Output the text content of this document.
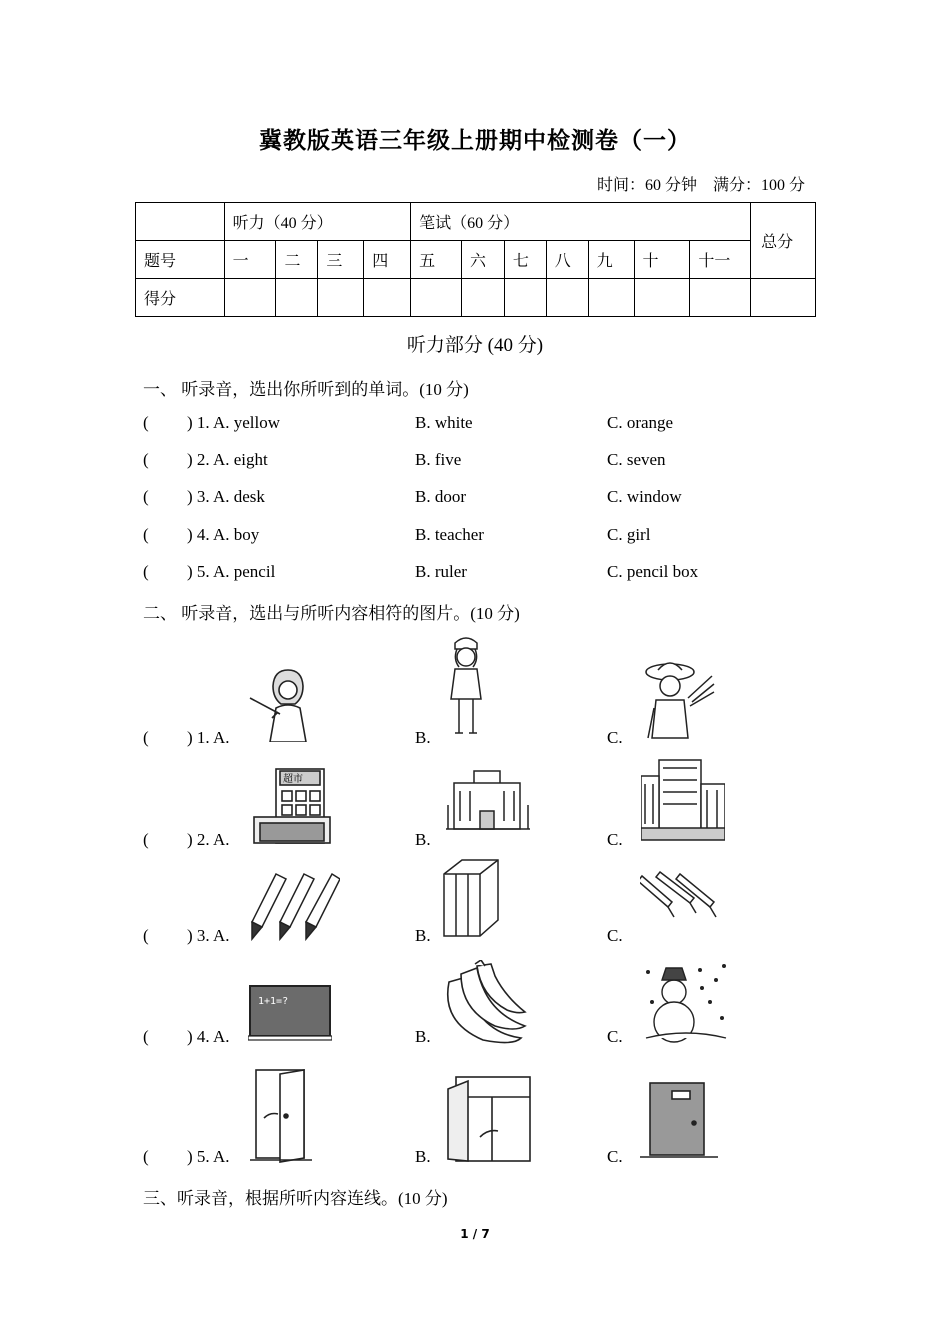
冀教版英语三年级上册期中检测卷（一）
时间：60 分钟　满分：100 分
	听力（40 分）				笔试（60 分）							总分
题号	一	二	三	四	五	六	七	八	九	十	十一	
得分												
听力部分 (40 分)
一、 听录音，选出你所听到的单词。(10 分)
( ) 1. A. yellow	B. white	C. orange
( ) 2. A. eight	B. five	C. seven
( ) 3. A. desk	B. door	C. window
( ) 4. A. boy	B. teacher	C. girl
( ) 5. A. pencil	B. ruler	C. pencil box
二、 听录音，选出与所听内容相符的图片。(10 分)
( ) 1. A.	B.	C.
( ) 2. A.	B.	C.
超市
( ) 3. A.	B.	C.
( ) 4. A.	B.	C.
1+1=?
( ) 5. A.	B.	C.
三、听录音，根据所听内容连线。(10 分)
1 / 7
